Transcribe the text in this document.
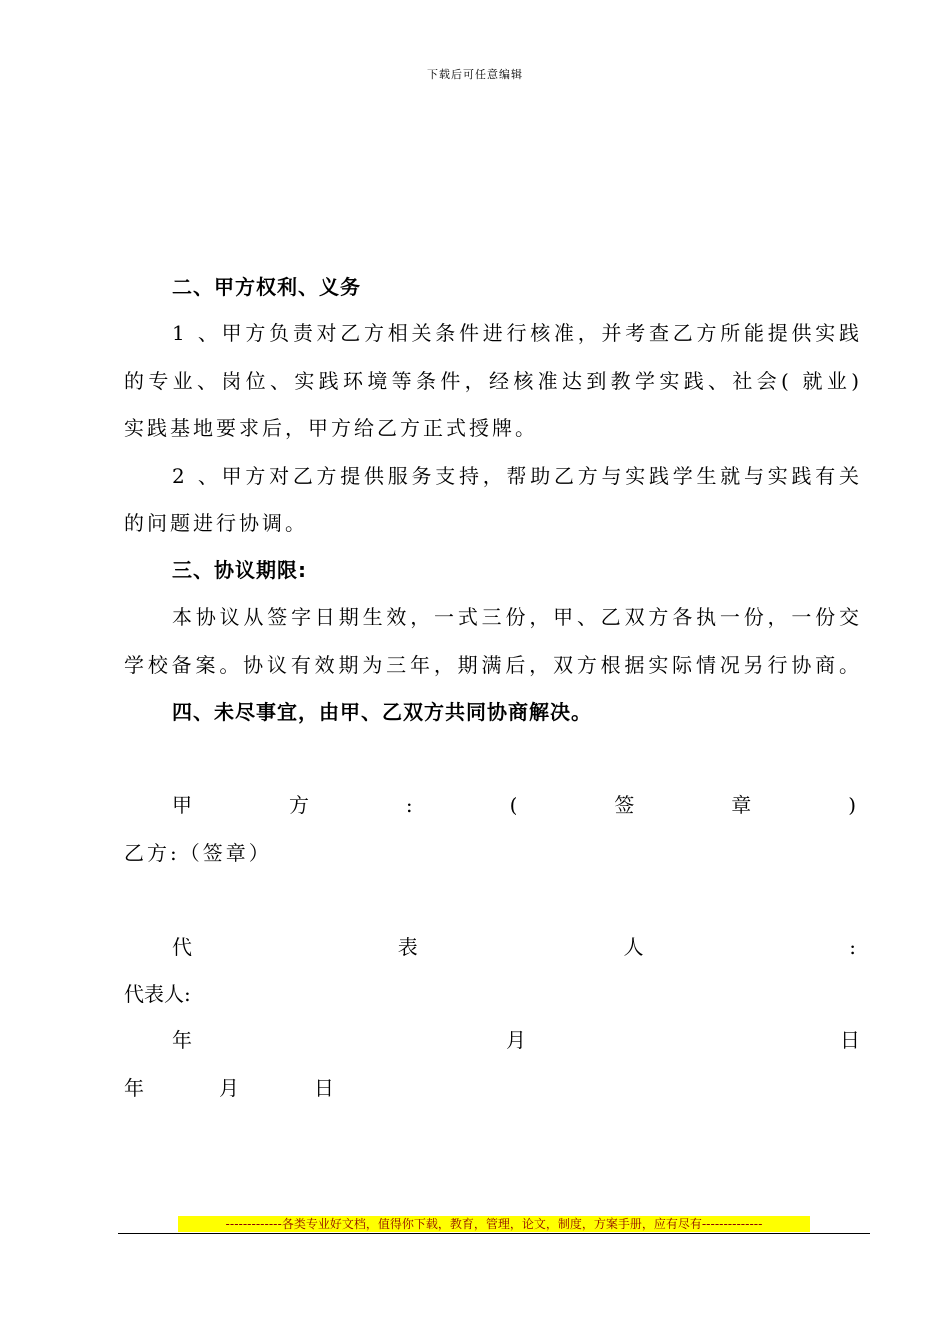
下载后可任意编辑
二、甲方权利、义务
1 、甲方负责对乙方相关条件进行核准，并考查乙方所能提供实践
的专业、岗位、实践环境等条件，经核准达到教学实践、社会( 就业)
实践基地要求后，甲方给乙方正式授牌。
2 、甲方对乙方提供服务支持，帮助乙方与实践学生就与实践有关
的问题进行协调。
三、协议期限:
本协议从签字日期生效，一式三份，甲、乙双方各执一份，一份交
学校备案。协议有效期为三年，期满后，双方根据实际情况另行协商。
四、未尽事宜，由甲、乙双方共同协商解决。
甲	方	:	(	签	章	)
乙方:（签章）
代	表	人	:
代表人:
年	月	日
年	月	日
-------------各类专业好文档，值得你下载，教育，管理，论文，制度，方案手册，应有尽有--------------
